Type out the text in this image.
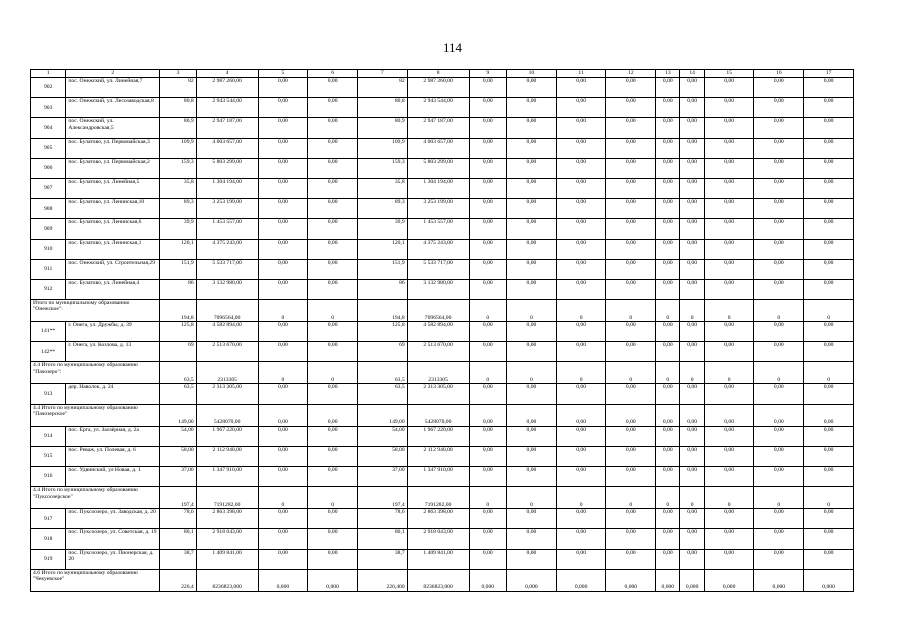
114
1	2	3	4	5	6	7	8	9	10	11	12	13	14	15	16	17
902	пос. Онежский, ул. Линейная,7	82	2 987 260,00	0,00	0,00	82	2 987 260,00	0,00	0,00	0,00	0,00	0,00	0,00	0,00	0,00	0,00
903	пос. Онежский, ул. Лесозаводская,8	80,8	2 943 544,00	0,00	0,00	80,8	2 943 544,00	0,00	0,00	0,00	0,00	0,00	0,00	0,00	0,00	0,00
904	пос. Онежский, ул. Александровская,5	80,9	2 947 187,00	0,00	0,00	80,9	2 947 187,00	0,00	0,00	0,00	0,00	0,00	0,00	0,00	0,00	0,00
905	пос. Булатово, ул. Первомайская,3	109,9	4 003 657,00	0,00	0,00	109,9	4 003 657,00	0,00	0,00	0,00	0,00	0,00	0,00	0,00	0,00	0,00
906	пос. Булатово, ул. Первомайская,2	159,3	5 803 299,00	0,00	0,00	159,3	5 803 299,00	0,00	0,00	0,00	0,00	0,00	0,00	0,00	0,00	0,00
907	пос. Булатово, ул. Линейная,5	35,8	1 304 194,00	0,00	0,00	35,8	1 304 194,00	0,00	0,00	0,00	0,00	0,00	0,00	0,00	0,00	0,00
908	пос. Булатово, ул. Ленинская,10	89,3	3 253 199,00	0,00	0,00	89,3	3 253 199,00	0,00	0,00	0,00	0,00	0,00	0,00	0,00	0,00	0,00
909	пос. Булатово, ул. Ленинская,6	39,9	1 453 557,00	0,00	0,00	39,9	1 453 557,00	0,00	0,00	0,00	0,00	0,00	0,00	0,00	0,00	0,00
910	пос. Булатово, ул. Ленинская,1	120,1	4 375 243,00	0,00	0,00	120,1	4 375 243,00	0,00	0,00	0,00	0,00	0,00	0,00	0,00	0,00	0,00
911	пос. Онежский, ул. Строительная,29	151,9	5 533 717,00	0,00	0,00	151,9	5 533 717,00	0,00	0,00	0,00	0,00	0,00	0,00	0,00	0,00	0,00
912	пос. Булатово, ул. Линейная,4	86	3 132 980,00	0,00	0,00	86	3 132 980,00	0,00	0,00	0,00	0,00	0,00	0,00	0,00	0,00	0,00
Итого по муниципальному образованию "Онежское":		194,8	7096564,00	0	0	194,8	7096564,00	0	0	0	0	0	0	0	0	0
141**	г. Онега, ул. Дружбы, д. 39	125,8	4 582 894,00	0,00	0,00	125,8	4 582 894,00	0,00	0,00	0,00	0,00	0,00	0,00	0,00	0,00	0,00
142**	г. Онега, ул. Козлова, д. 13	69	2 513 670,00	0,00	0,00	69	2 513 670,00	0,00	0,00	0,00	0,00	0,00	0,00	0,00	0,00	0,00
4.4 Итого по муниципальному образованию "Пачозеро":		63,5	2313305	0	0	63,5	2313305	0	0	0	0	0	0	0	0	0
913	дер. Наволок, д. 24	63,5	2 313 305,00	0,00	0,00	63,5	2 313 305,00	0,00	0,00	0,00	0,00	0,00	0,00	0,00	0,00	0,00
4.4 Итого по муниципальному образованию "Пачозерское"		149,00	5428070,00	0,00	0,00	149,00	5428070,00	0,00	0,00	0,00	0,00	0,00	0,00	0,00	0,00	0,00
914	пос. Ерга, ул. Заозёрная, д. 2а	54,00	1 967 220,00	0,00	0,00	54,00	1 967 220,00	0,00	0,00	0,00	0,00	0,00	0,00	0,00	0,00	0,00
915	пос. Реваж, ул. Полевая, д. 6	58,00	2 112 940,00	0,00	0,00	58,00	2 112 940,00	0,00	0,00	0,00	0,00	0,00	0,00	0,00	0,00	0,00
916	пос. Удвинский, ул Новая, д. 1	37,00	1 347 910,00	0,00	0,00	37,00	1 347 910,00	0,00	0,00	0,00	0,00	0,00	0,00	0,00	0,00	0,00
4.4 Итого по муниципальному образованию "Пуксоозерское"		197,4	7191282,00	0	0	197,4	7191282,00	0	0	0	0	0	0	0	0	0
917	пос. Пуксоозеро, ул. Заводская, д. 20	78,6	2 863 398,00	0,00	0,00	78,6	2 863 398,00	0,00	0,00	0,00	0,00	0,00	0,00	0,00	0,00	0,00
918	пос. Пуксоозеро, ул. Советская, д. 19	80,1	2 918 043,00	0,00	0,00	80,1	2 918 043,00	0,00	0,00	0,00	0,00	0,00	0,00	0,00	0,00	0,00
919	пос. Пуксоозеро, ул. Пионерская, д. 20	38,7	1 409 841,00	0,00	0,00	38,7	1 409 841,00	0,00	0,00	0,00	0,00	0,00	0,00	0,00	0,00	0,00
4.6 Итого по муниципальному образованию "Чекуевское"		226,4	8236823,000	0,000	0,000	226,400	8236823,000	0,000	0,000	0,000	0,000	0,000	0,000	0,000	0,000	0,000
